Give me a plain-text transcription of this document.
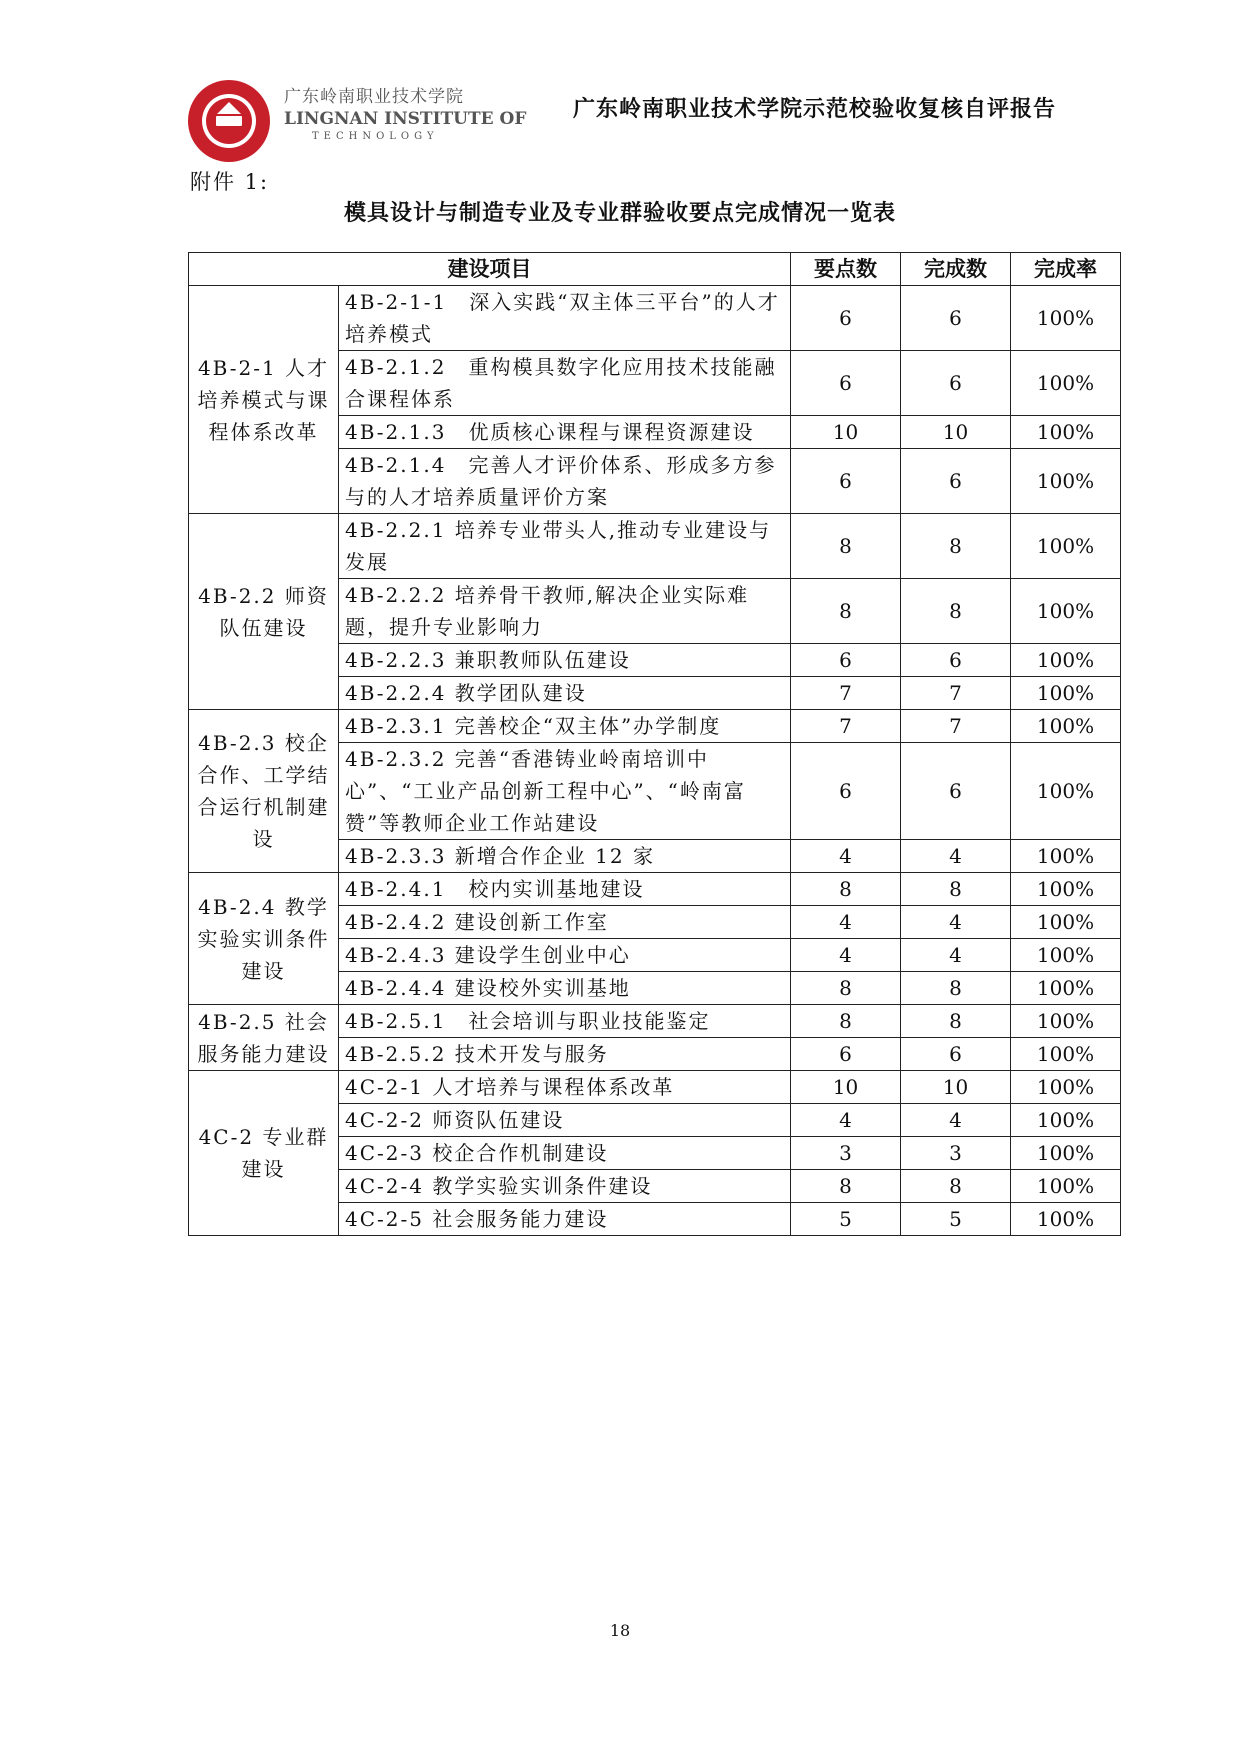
广东岭南职业技术学院
LINGNAN INSTITUTE OF
TECHNOLOGY
广东岭南职业技术学院示范校验收复核自评报告
附件 1:
模具设计与制造专业及专业群验收要点完成情况一览表
建设项目		要点数	完成数	完成率
4B-2-1 人才培养模式与课程体系改革	4B-2-1-1　深入实践“双主体三平台”的人才培养模式	6	6	100%
	4B-2.1.2　重构模具数字化应用技术技能融合课程体系	6	6	100%
	4B-2.1.3　优质核心课程与课程资源建设	10	10	100%
	4B-2.1.4　完善人才评价体系、形成多方参与的人才培养质量评价方案	6	6	100%
4B-2.2 师资队伍建设	4B-2.2.1 培养专业带头人,推动专业建设与发展	8	8	100%
	4B-2.2.2 培养骨干教师,解决企业实际难题，提升专业影响力	8	8	100%
	4B-2.2.3 兼职教师队伍建设	6	6	100%
	4B-2.2.4 教学团队建设	7	7	100%
4B-2.3 校企合作、工学结合运行机制建设	4B-2.3.1 完善校企“双主体”办学制度	7	7	100%
	4B-2.3.2 完善“香港铸业岭南培训中心”、“工业产品创新工程中心”、“岭南富赞”等教师企业工作站建设	6	6	100%
	4B-2.3.3 新增合作企业 12 家	4	4	100%
4B-2.4 教学实验实训条件建设	4B-2.4.1　校内实训基地建设	8	8	100%
	4B-2.4.2 建设创新工作室	4	4	100%
	4B-2.4.3 建设学生创业中心	4	4	100%
	4B-2.4.4 建设校外实训基地	8	8	100%
4B-2.5 社会服务能力建设	4B-2.5.1　社会培训与职业技能鉴定	8	8	100%
	4B-2.5.2 技术开发与服务	6	6	100%
4C-2 专业群建设	4C-2-1 人才培养与课程体系改革	10	10	100%
	4C-2-2 师资队伍建设	4	4	100%
	4C-2-3 校企合作机制建设	3	3	100%
	4C-2-4 教学实验实训条件建设	8	8	100%
	4C-2-5 社会服务能力建设	5	5	100%
18
